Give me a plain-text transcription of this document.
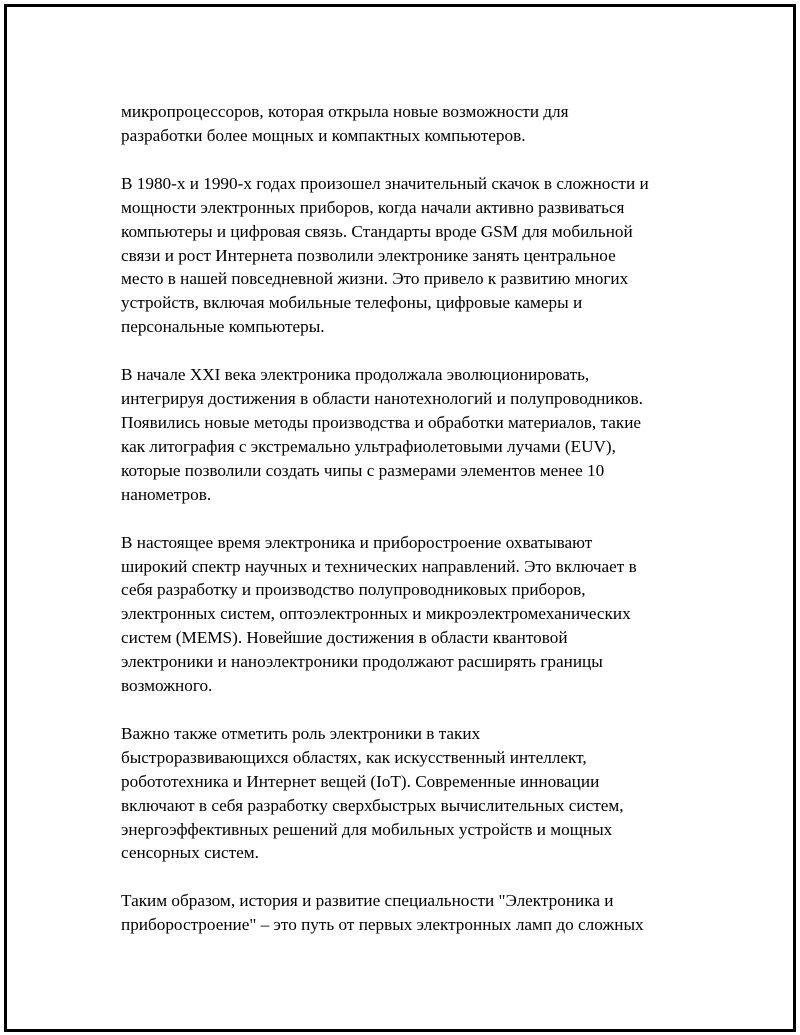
микропроцессоров, которая открыла новые возможности для
разработки более мощных и компактных компьютеров.

В 1980-х и 1990-х годах произошел значительный скачок в сложности и
мощности электронных приборов, когда начали активно развиваться
компьютеры и цифровая связь. Стандарты вроде GSM для мобильной
связи и рост Интернета позволили электронике занять центральное
место в нашей повседневной жизни. Это привело к развитию многих
устройств, включая мобильные телефоны, цифровые камеры и
персональные компьютеры.

В начале XXI века электроника продолжала эволюционировать,
интегрируя достижения в области нанотехнологий и полупроводников.
Появились новые методы производства и обработки материалов, такие
как литография с экстремально ультрафиолетовыми лучами (EUV),
которые позволили создать чипы с размерами элементов менее 10
нанометров.

В настоящее время электроника и приборостроение охватывают
широкий спектр научных и технических направлений. Это включает в
себя разработку и производство полупроводниковых приборов,
электронных систем, оптоэлектронных и микроэлектромеханических
систем (MEMS). Новейшие достижения в области квантовой
электроники и наноэлектроники продолжают расширять границы
возможного.

Важно также отметить роль электроники в таких
быстроразвивающихся областях, как искусственный интеллект,
робототехника и Интернет вещей (IoT). Современные инновации
включают в себя разработку сверхбыстрых вычислительных систем,
энергоэффективных решений для мобильных устройств и мощных
сенсорных систем.

Таким образом, история и развитие специальности "Электроника и
приборостроение" – это путь от первых электронных ламп до сложных
